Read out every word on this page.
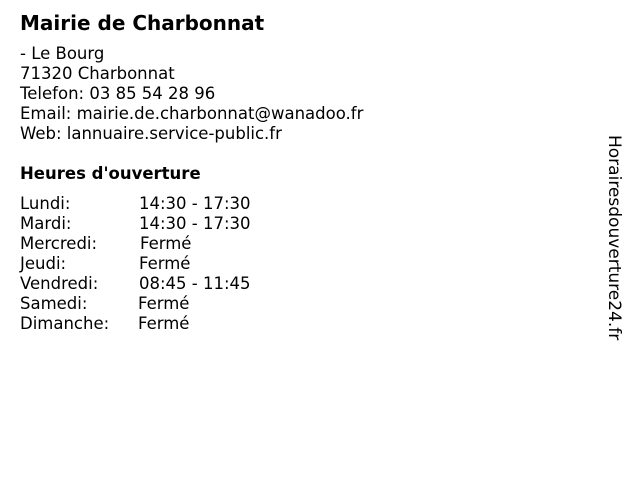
Mairie de Charbonnat
- Le Bourg
71320 Charbonnat
Telefon: 03 85 54 28 96
Email: mairie.de.charbonnat@wanadoo.fr
Web: lannuaire.service-public.fr
Heures d'ouverture
Lundi:	14:30 - 17:30
Mardi:	14:30 - 17:30
Mercredi:	Fermé
Jeudi:	Fermé
Vendredi: 08:45 - 11:45
Samedi:	Fermé
Dimanche: Fermé	Horairesdouverture24.fr
